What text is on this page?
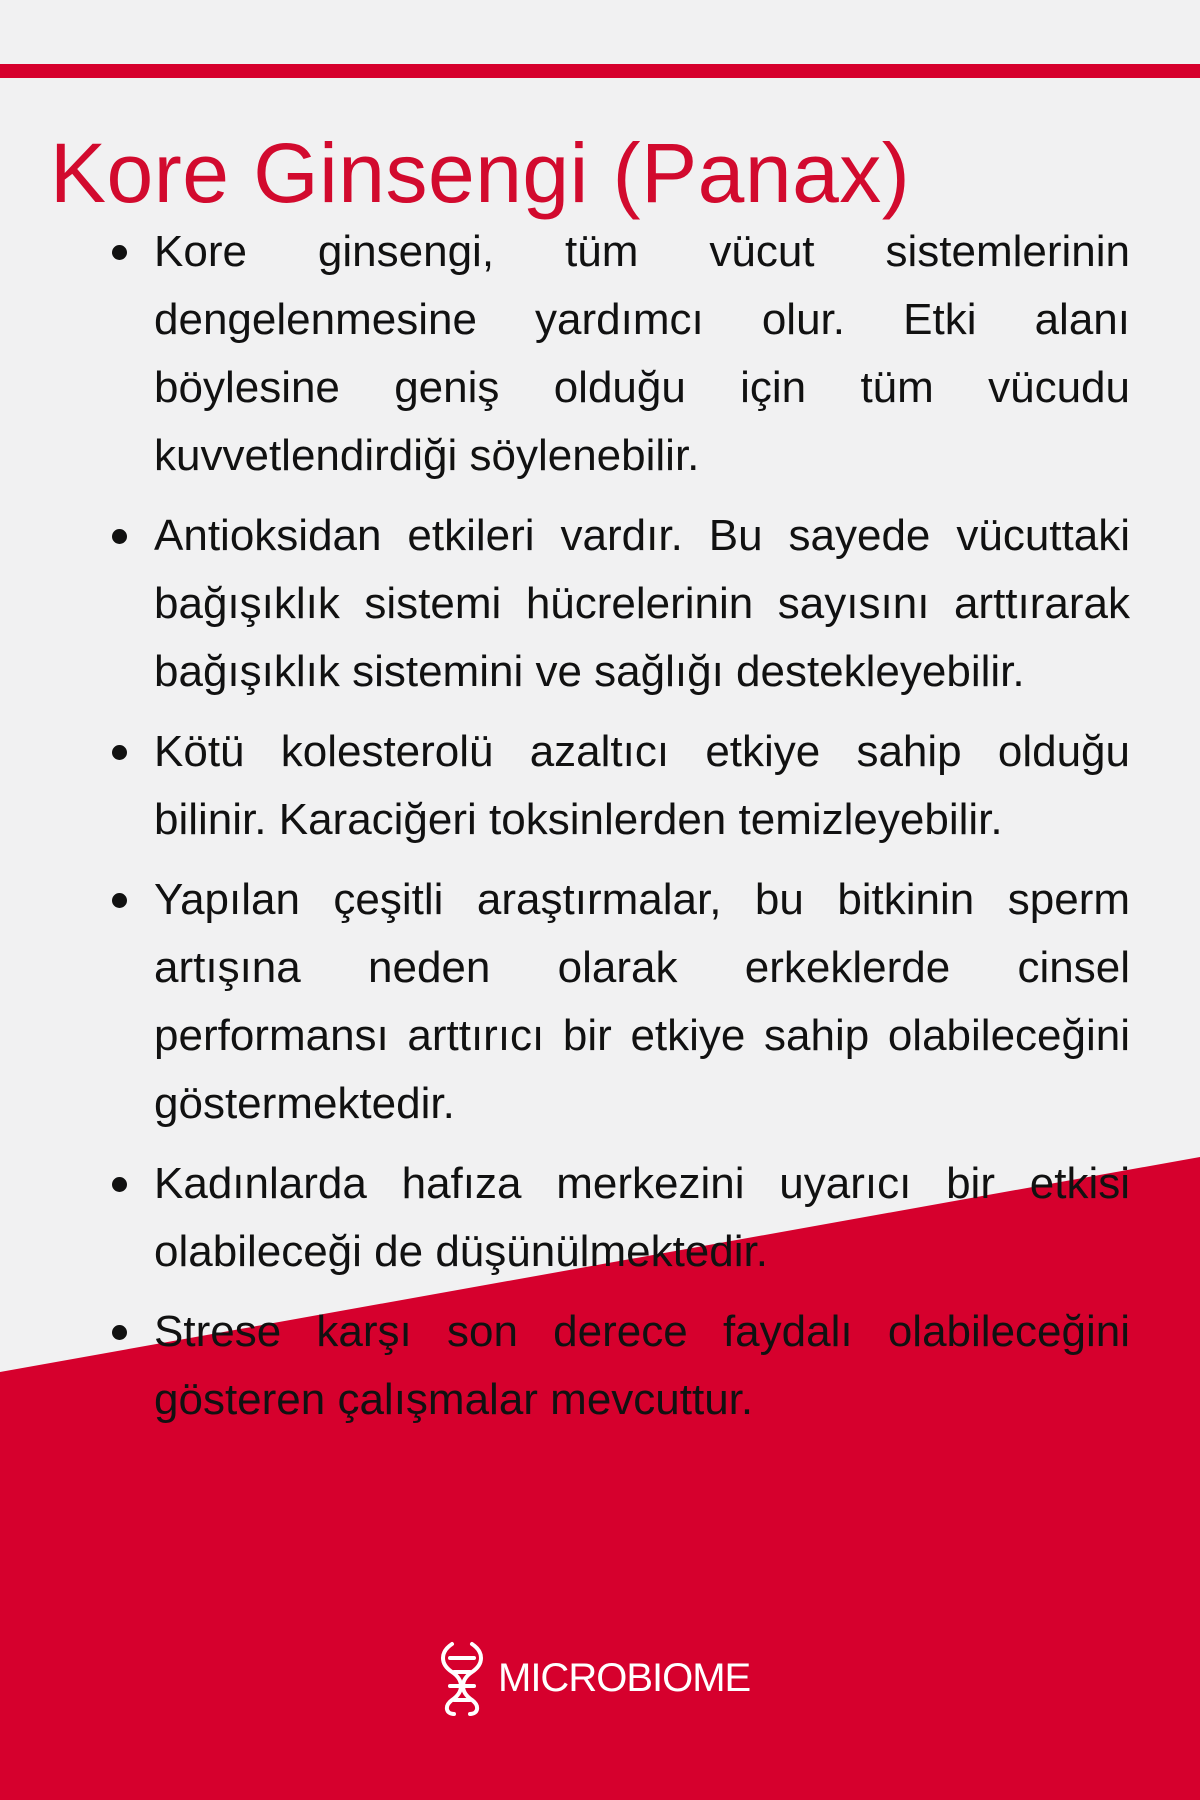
Kore Ginsengi (Panax)
Kore ginsengi, tüm vücut sistemlerinin dengelenmesine yardımcı olur. Etki alanı böylesine geniş olduğu için tüm vücudu kuvvetlendirdiği söylenebilir.
Antioksidan etkileri vardır. Bu sayede vücuttaki bağışıklık sistemi hücrelerinin sayısını arttırarak bağışıklık sistemini ve sağlığı destekleyebilir.
Kötü kolesterolü azaltıcı etkiye sahip olduğu bilinir. Karaciğeri toksinlerden temizleyebilir.
Yapılan çeşitli araştırmalar, bu bitkinin sperm artışına neden olarak erkeklerde cinsel performansı arttırıcı bir etkiye sahip olabileceğini göstermektedir.
Kadınlarda hafıza merkezini uyarıcı bir etkisi olabileceği de düşünülmektedir.
Strese karşı son derece faydalı olabileceğini gösteren çalışmalar mevcuttur.
MICROBIOME
